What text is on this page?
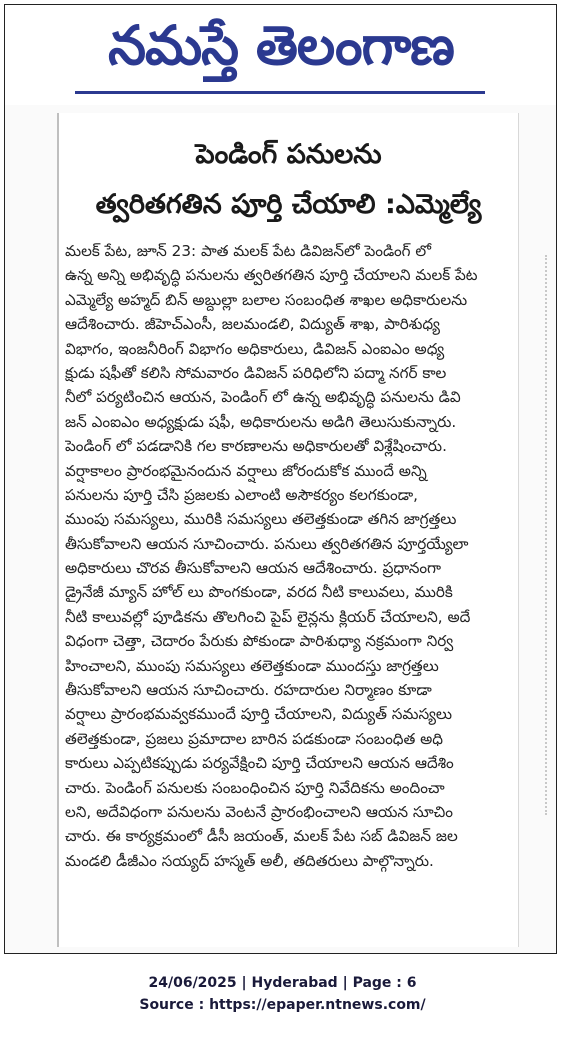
నమస్తే తెలంగాణ
పెండింగ్ పనులను
త్వరితగతిన పూర్తి చేయాలి :ఎమ్మెల్యే
మలక్ పేట, జూన్ 23: పాత మలక్ పేట డివిజన్‌లో పెండింగ్ లో
ఉన్న అన్ని అభివృద్ధి పనులను త్వరితగతిన పూర్తి చేయాలని మలక్ పేట
ఎమ్మెల్యే అహ్మద్ బిన్ అబ్దుల్లా బలాల సంబంధిత శాఖల అధికారులను
ఆదేశించారు. జీహెచ్ఎంసీ, జలమండలి, విద్యుత్ శాఖ, పారిశుధ్య
విభాగం, ఇంజనీరింగ్ విభాగం అధికారులు, డివిజన్ ఎంఐఎం అధ్య
క్షుడు షఫీతో కలిసి సోమవారం డివిజన్ పరిధిలోని పద్మా నగర్ కాల
నీలో పర్యటించిన ఆయన, పెండింగ్ లో ఉన్న అభివృద్ధి పనులను డివి
జన్ ఎంఐఎం అధ్యక్షుడు షఫీ, అధికారులను అడిగి తెలుసుకున్నారు.
పెండింగ్ లో పడడానికి గల కారణాలను అధికారులతో విశ్లేషించారు.
వర్షాకాలం ప్రారంభమైనందున వర్షాలు జోరందుకోక ముందే అన్ని
పనులను పూర్తి చేసి ప్రజలకు ఎలాంటి అసౌకర్యం కలగకుండా,
ముంపు సమస్యలు, మురికి సమస్యలు తలెత్తకుండా తగిన జాగ్రత్తలు
తీసుకోవాలని ఆయన సూచించారు. పనులు త్వరితగతిన పూర్తయ్యేలా
అధికారులు చొరవ తీసుకోవాలని ఆయన ఆదేశించారు. ప్రధానంగా
డ్రైనేజీ మ్యాన్ హోల్ లు పొంగకుండా, వరద నీటి కాలువలు, మురికి
నీటి కాలువల్లో పూడికను తొలగించి పైప్ లైన్లను క్లియర్ చేయాలని, అదే
విధంగా చెత్తా, చెదారం పేరుకు పోకుండా పారిశుధ్యా నక్రమంగా నిర్వ
హించాలని, ముంపు సమస్యలు తలెత్తకుండా ముందస్తు జాగ్రత్తలు
తీసుకోవాలని ఆయన సూచించారు. రహదారుల నిర్మాణం కూడా
వర్షాలు ప్రారంభమవ్వకముందే పూర్తి చేయాలని, విద్యుత్ సమస్యలు
తలెత్తకుండా, ప్రజలు ప్రమాదాల బారిన పడకుండా సంబంధిత అధి
కారులు ఎప్పటికప్పుడు పర్యవేక్షించి పూర్తి చేయాలని ఆయన ఆదేశిం
చారు. పెండింగ్ పనులకు సంబంధించిన పూర్తి నివేదికను అందించా
లని, అదేవిధంగా పనులను వెంటనే ప్రారంభించాలని ఆయన సూచిం
చారు. ఈ కార్యక్రమంలో డీసీ జయంత్, మలక్ పేట సబ్ డివిజన్ జల
మండలి డీజీఎం సయ్యద్ హస్మత్ అలీ, తదితరులు పాల్గొన్నారు.
24/06/2025 | Hyderabad | Page : 6
Source : https://epaper.ntnews.com/
